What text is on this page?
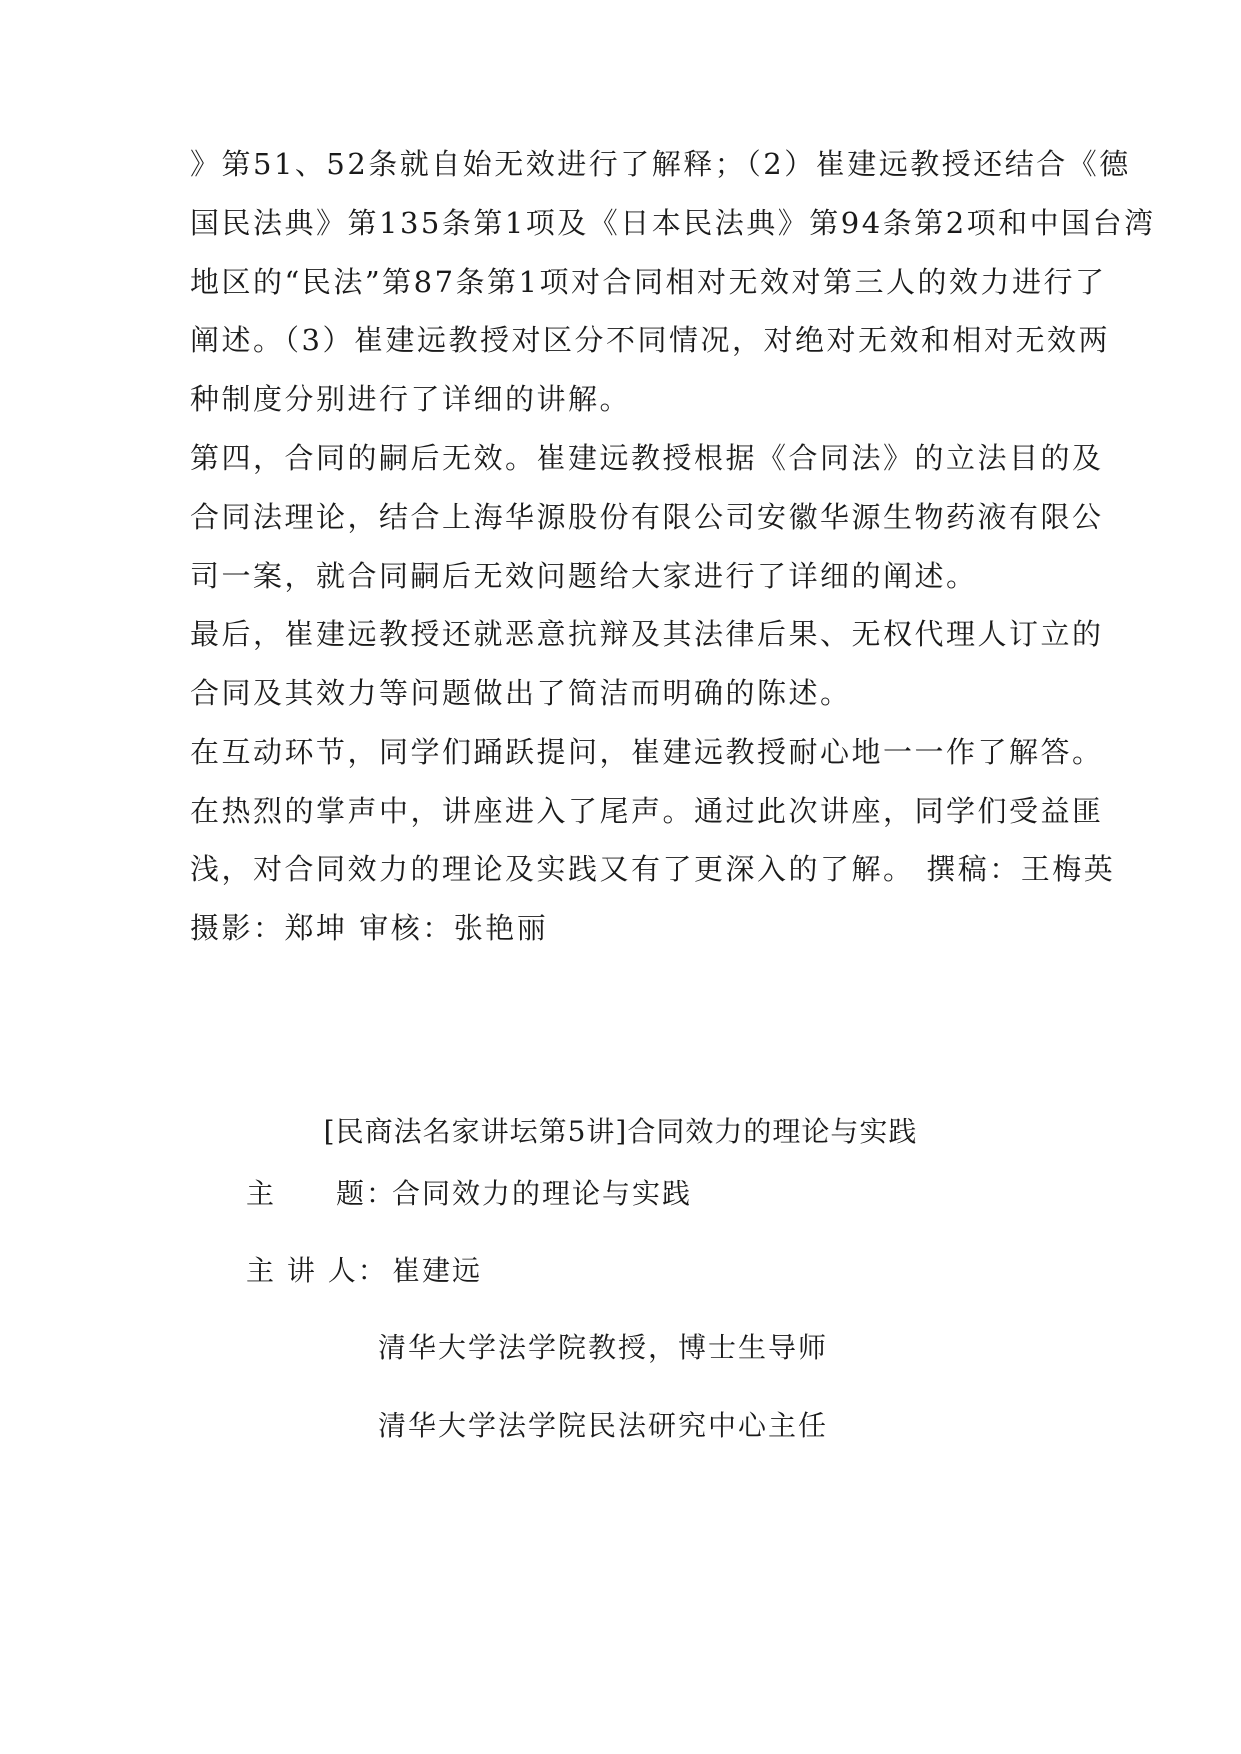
》第51、52条就自始无效进行了解释；（2）崔建远教授还结合《德
国民法典》第135条第1项及《日本民法典》第94条第2项和中国台湾
地区的“民法”第87条第1项对合同相对无效对第三人的效力进行了
阐述。（3）崔建远教授对区分不同情况，对绝对无效和相对无效两
种制度分别进行了详细的讲解。
第四，合同的嗣后无效。崔建远教授根据《合同法》的立法目的及
合同法理论，结合上海华源股份有限公司安徽华源生物药液有限公
司一案，就合同嗣后无效问题给大家进行了详细的阐述。
最后，崔建远教授还就恶意抗辩及其法律后果、无权代理人订立的
合同及其效力等问题做出了简洁而明确的陈述。
在互动环节，同学们踊跃提问，崔建远教授耐心地一一作了解答。
在热烈的掌声中，讲座进入了尾声。通过此次讲座，同学们受益匪
浅，对合同效力的理论及实践又有了更深入的了解。 撰稿：王梅英
摄影：郑坤 审核：张艳丽
[民商法名家讲坛第5讲]合同效力的理论与实践
主　　题：合同效力的理论与实践
主 讲 人： 崔建远
清华大学法学院教授，博士生导师
清华大学法学院民法研究中心主任
